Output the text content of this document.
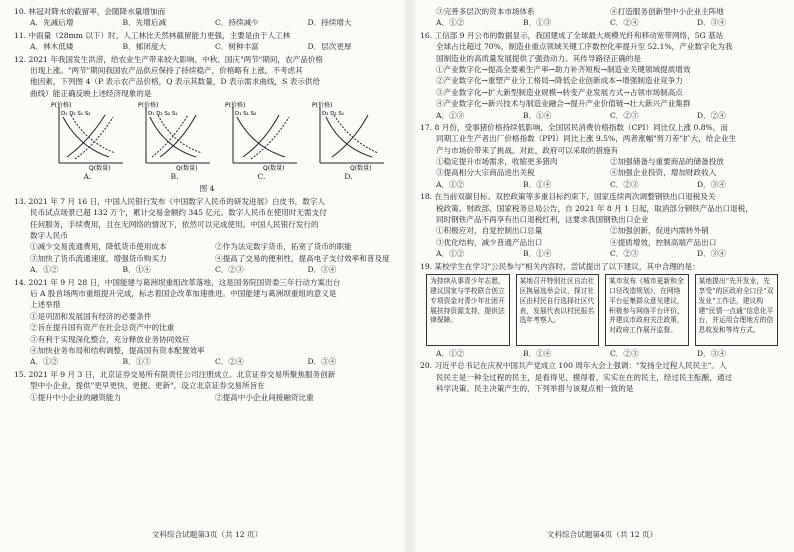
10. 林冠对降水的截留率，会随降水量增加而

A．先减后增	B．先增后减	C．持续减少	D．持续增大

11. 中雨量（28mm 以下）时，人工林比天然林截留能力更强，主要是由于人工林

A．林木低矮	B．郁闭度大	C．树种丰富	D．层次更厚
12. 2021 年我国发生洪涝，给农业生产带来较大影响。中秋、国庆"两节"期间，农产品价格
出现上涨。"两节"期间我国农产品供应保持了持续稳产，价格略有上涨。不考虑其
他因素，下列图 4（P 表示农产品价格，Q 表示其数量，D 表示需求曲线，S 表示供给
曲线）能正确反映上述经济现象的是
P(价格)
Q(数量)
D₁ D₂ S₁ S₂
A.
P(价格)
Q(数量)
D₁ D₂ S₂ S₁
B.
P(价格)
Q(数量)
D₁ S₁ S₂
C.
P(价格)
Q(数量)
D₂ D₁ S₁
D.

图 4

13. 2021 年 7 月 16 日，中国人民银行发布《中国数字人民币的研发进展》白皮书，数字人
民币试点场景已超 132 万个，累计交易金额约 345 亿元。数字人民币在使用时无需支付
任何服务，手续费用，且在无网络的情况下，依然可以完成使用。中国人民银行发行的
数字人民币
①减少交易流通费用，降低货币使用成本	②作为法定数字货币，拓宽了货币的职能
③加快了货币流通速度，增强货币购买力	④提高了交易的便利性，提高电子支付效率和普及度
A．①②	B．①④	C．②③	D．③④
14. 2021 年 9 月 28 日，中国能建与葛洲坝重组改革落地，这是国务院国资委三年行动方案出台
后 A 股首场两市重组提升完成，标志着国企改革加速推进。中国能建与葛洲坝重组的意义是
上述举措
①是巩固和发展国有经济的必要条件
②旨在提升国有资产在社会总资产中的比重
③有利于实现深化整合，充分释放业务协同效应
④加快业务布局和结构调整，提高国有资本配置效率
A．①②	B．①③	C．②④	D．③④
15. 2021 年 9 月 3 日，北京证券交易所有限责任公司注册成立。北京证券交易所聚焦服务创新
型中小企业，提供"更早更快、更便、更新"，设立北京证券交易所旨在
①提升中小企业的融资能力	②提高中小企业间接融资比重
文科综合试题第3页（共 12 页）
③完善多层次的资本市场体系	④打造服务创新型中小企业主阵地
A．①②	B．①③	C．②④	D．③④
16. 工信部 9 月公布的数据显示，我国建成了全球最大规模光纤和移动宽带网络，5G 基站
全球占比超过 70%，制造业重点领域关键工序数控化率提升至 52.1%，产业数字化为我
国制造业的高质量发展提供了强劲动力。其传导路径正确的是
①产业数字化→提高全要素生产率→助力补齐短板→制造业关键领域提质增效
②产业数字化→重塑产业分工格局→降低企业创新成本→增强制造业竞争力
③产业数字化→扩大新型制造业规模→转变产业发展方式→占领市场制高点
④产业数字化→新兴技术与制造业融合→提升产业价值链→壮大新兴产业集群
A．①③	B．①④	C．②③	D．②④
17. 8 月份，受事猪价格持续低影响，全国居民消费价格指数（CPI）同比仅上涨 0.8%，而
同期工业生产者出厂价格指数（PPI）同比上涨 9.5%，两者涨幅"剪刀差"扩大，给企业生
产与市场价带来了挑战。对此，政府可以采取的措施有
①稳定提升市场需求，收缩更多猪肉	②加强储备与重要商品的储备投放
③提高相分大宗商品进出关税	④加强企业投资，增加财政收入
A．①②	B．①④	C．②③	D．③④
18. 在当前双碳目标、双控政策等多重目标约束下，国家连续两次调整钢铁出口退税及关
税政策。财政部、国家税务总局公告，自 2021 年 8 月 1 日起，取消部分钢铁产品出口退税，
同时钢铁产品不再享有出口退税红利，这要求我国钢铁出口企业
①积极应对，自觉控制出口总量	②加强创新，促进内需转外销
③优化结构，减少普通产品出口	④提质增效，控制高端产品出口
A．①②	B．①④	C．②③	D．③④
19. 某校学生在学习"公民参与"相关内容时，尝试提出了以下建议，其中合理的是：
为持续从事青少年志愿，建议国家与学校联合创立专项资金对青少年社团开展扶持资源支持，提供法律保障。
某地召开特别社区自治社区换届选举会议，探讨社区由村民自行选择社区代表，发展代表以村民报名选年考察人。
某市发布《城市更新和全口径改造规划》，在网络平台征集群众意见建议，积极参与网络平台评价，并建议市政府关注政策，对政府工作展开监督。
某地提出“先开发业，先享受”的区政府全口径“双发业”工作法，建议构建“民情一点通”信息化平台，并运用合理地方的信息收发和等待方式。
A．①②	B．①④	C．②③	D．③④
20. 习近平总书记在庆祝中国共产党成立 100 周年大会上强调："发扬全过程人民民主"。人
民民主是一种全过程的民主，是看得见、摸得着、实实在在的民主，经过民主酝酿，通过
科学决策、民主决策产生的，下列举措与该观点相一致的是
文科综合试题第4页（共 12 页）
